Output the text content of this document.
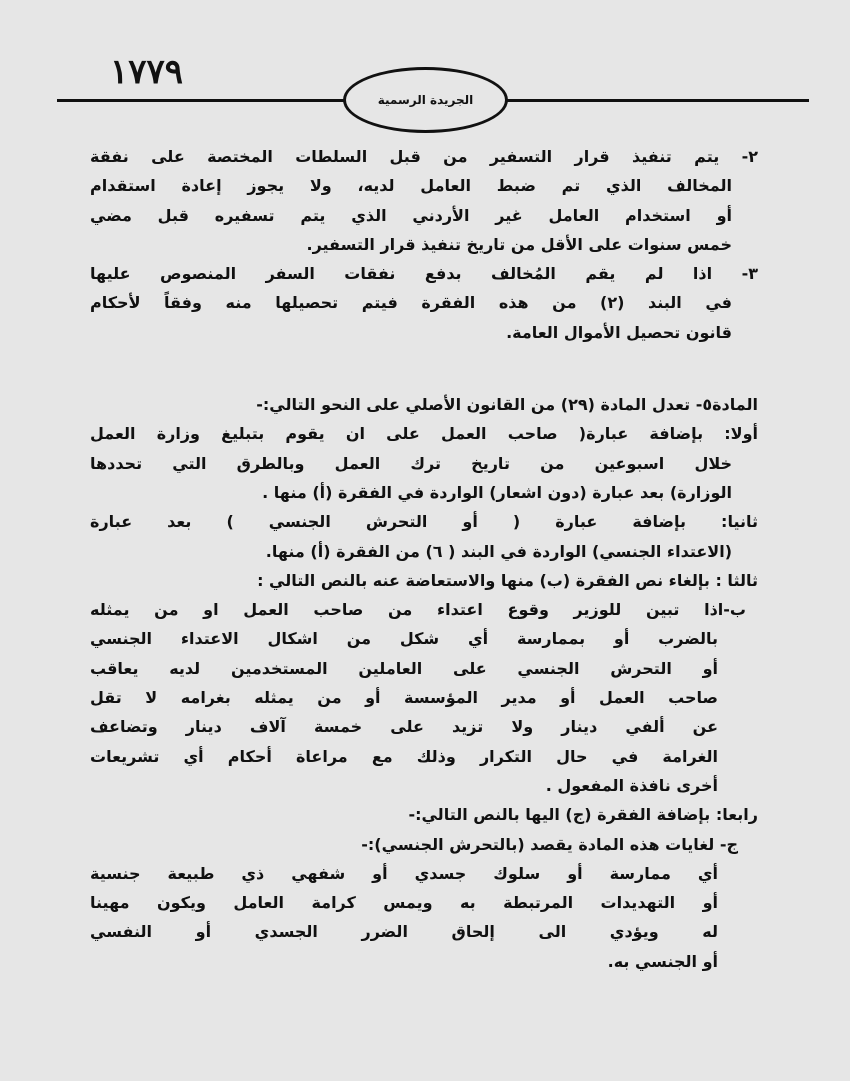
١٧٧٩
الجريدة الرسمية
٢- يتم تنفيذ قرار التسفير من قبل السلطات المختصة على نفقة
المخالف الذي تم ضبط العامل لديه، ولا يجوز إعادة استقدام
أو استخدام العامل غير الأردني الذي يتم تسفيره قبل مضي
خمس سنوات على الأقل من تاريخ تنفيذ قرار التسفير.
٣- اذا لم يقم المُخالف بدفع نفقات السفر المنصوص عليها
في البند (٢) من هذه الفقرة فيتم تحصيلها منه وفقاً لأحكام
قانون تحصيل الأموال العامة.
المادة٥- تعدل المادة (٢٩) من القانون الأصلي على النحو التالي:-
أولا: بإضافة عبارة( صاحب العمل على ان يقوم بتبليغ وزارة العمل
خلال اسبوعين من تاريخ ترك العمل وبالطرق التي تحددها
الوزارة) بعد عبارة (دون اشعار) الواردة في الفقرة (أ) منها .
ثانيا: بإضافة عبارة ( أو التحرش الجنسي ) بعد عبارة
(الاعتداء الجنسي) الواردة في البند ( ٦) من الفقرة (أ) منها.
ثالثا : بإلغاء نص الفقرة (ب) منها والاستعاضة عنه بالنص التالي :
ب-اذا تبين للوزير وقوع اعتداء من صاحب العمل او من يمثله
بالضرب أو بممارسة أي شكل من اشكال الاعتداء الجنسي
أو التحرش الجنسي على العاملين المستخدمين لديه يعاقب
صاحب العمل أو مدير المؤسسة أو من يمثله بغرامه لا تقل
عن ألفي دينار ولا تزيد على خمسة آلاف دينار وتضاعف
الغرامة في حال التكرار وذلك مع مراعاة أحكام أي تشريعات
أخرى نافذة المفعول .
رابعا: بإضافة الفقرة (ج) اليها بالنص التالي:-
ج- لغايات هذه المادة يقصد (بالتحرش الجنسي):-
أي ممارسة أو سلوك جسدي أو شفهي ذي طبيعة جنسية
أو التهديدات المرتبطة به ويمس كرامة العامل ويكون مهينا
له ويؤدي الى إلحاق الضرر الجسدي أو النفسي
أو الجنسي به.
